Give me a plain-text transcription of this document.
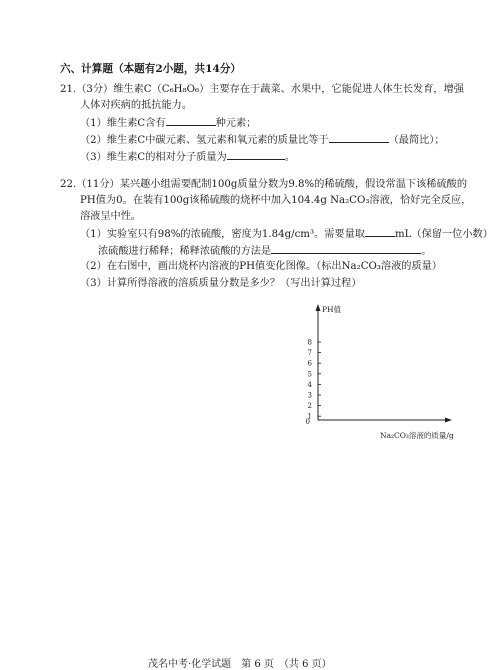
六、计算题（本题有2小题，共14分）
21.（3分）维生素C（C₆H₈O₆）主要存在于蔬菜、水果中，它能促进人体生长发育，增强
人体对疾病的抵抗能力。
（1）维生素C含有	种元素；
（2）维生素C中碳元素、氢元素和氧元素的质量比等于	（最简比）；
（3）维生素C的相对分子质量为	。
22.（11分）某兴趣小组需要配制100g质量分数为9.8%的稀硫酸，假设常温下该稀硫酸的
PH值为0。在装有100g该稀硫酸的烧杯中加入104.4g Na₂CO₃溶液，恰好完全反应，
溶液呈中性。
（1）实验室只有98%的浓硫酸，密度为1.84g/cm³。需要量取	mL（保留一位小数）
浓硫酸进行稀释；稀释浓硫酸的方法是	。
（2）在右图中，画出烧杯内溶液的PH值变化图像。（标出Na₂CO₃溶液的质量）
（3）计算所得溶液的溶质质量分数是多少？（写出计算过程）
PH值
Na₂CO₃溶液的质量/g
0
8
7
6
5
4
3
2
1
茂名中考·化学试题　第 6 页　（共 6 页）
